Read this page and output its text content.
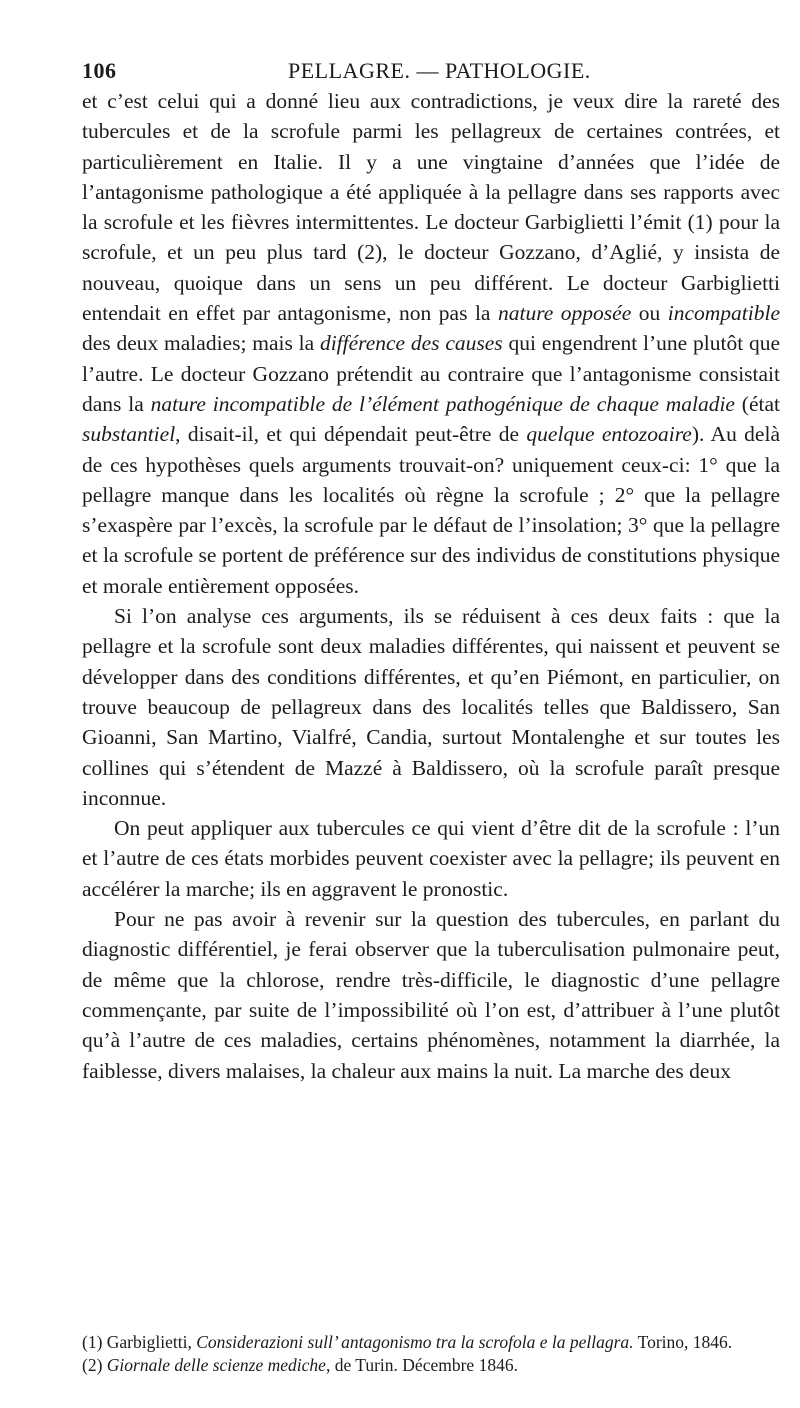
106	PELLAGRE. — PATHOLOGIE.

et c’est celui qui a donné lieu aux contradictions, je veux dire la rareté des tubercules et de la scrofule parmi les pellagreux de certaines contrées, et particulièrement en Italie. Il y a une vingtaine d’années que l’idée de l’antagonisme pathologique a été appliquée à la pellagre dans ses rapports avec la scrofule et les fièvres intermittentes. Le docteur Garbiglietti l’émit (1) pour la scrofule, et un peu plus tard (2), le docteur Gozzano, d’Aglié, y insista de nouveau, quoique dans un sens un peu différent. Le docteur Garbiglietti entendait en effet par antagonisme, non pas la nature opposée ou incompatible des deux maladies; mais la différence des causes qui engendrent l’une plutôt que l’autre. Le docteur Gozzano prétendit au contraire que l’antagonisme consistait dans la nature incompatible de l’élément pathogénique de chaque maladie (état substantiel, disait-il, et qui dépendait peut-être de quelque entozoaire). Au delà de ces hypothèses quels arguments trouvait-on? uniquement ceux-ci: 1° que la pellagre manque dans les localités où règne la scrofule ; 2° que la pellagre s’exaspère par l’excès, la scrofule par le défaut de l’insolation; 3° que la pellagre et la scrofule se portent de préférence sur des individus de constitutions physique et morale entièrement opposées.

Si l’on analyse ces arguments, ils se réduisent à ces deux faits : que la pellagre et la scrofule sont deux maladies différentes, qui naissent et peuvent se développer dans des conditions différentes, et qu’en Piémont, en particulier, on trouve beaucoup de pellagreux dans des localités telles que Baldissero, San Gioanni, San Martino, Vialfré, Candia, surtout Montalenghe et sur toutes les collines qui s’étendent de Mazzé à Baldissero, où la scrofule paraît presque inconnue.

On peut appliquer aux tubercules ce qui vient d’être dit de la scrofule : l’un et l’autre de ces états morbides peuvent coexister avec la pellagre; ils peuvent en accélérer la marche; ils en aggravent le pronostic.

Pour ne pas avoir à revenir sur la question des tubercules, en parlant du diagnostic différentiel, je ferai observer que la tuberculisation pulmonaire peut, de même que la chlorose, rendre très-difficile, le diagnostic d’une pellagre commençante, par suite de l’impossibilité où l’on est, d’attribuer à l’une plutôt qu’à l’autre de ces maladies, certains phénomènes, notamment la diarrhée, la faiblesse, divers malaises, la chaleur aux mains la nuit. La marche des deux

(1) Garbiglietti, Considerazioni sull’ antagonismo tra la scrofola e la pellagra. Torino, 1846.

(2) Giornale delle scienze mediche, de Turin. Décembre 1846.
